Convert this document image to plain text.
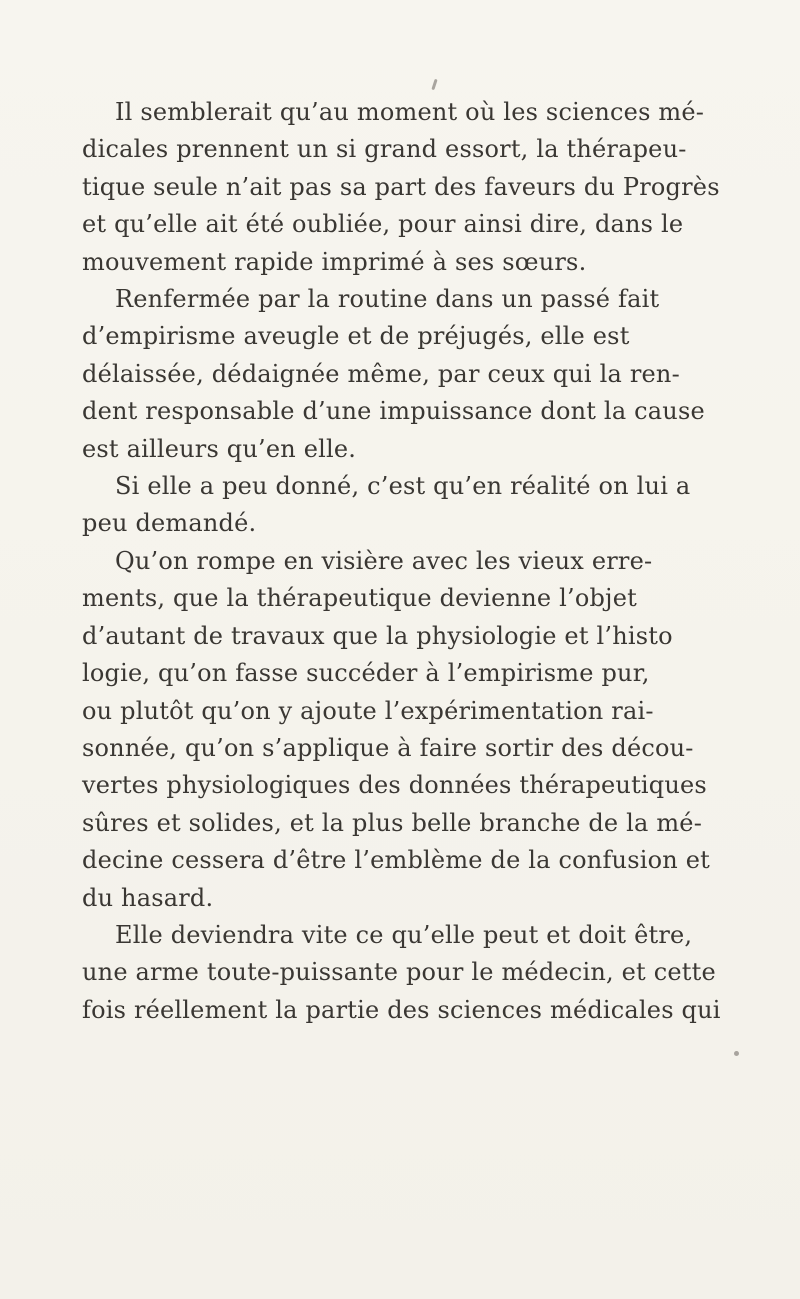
Il semblerait qu’au moment où les sciences mé-
dicales prennent un si grand essort, la thérapeu-
tique seule n’ait pas sa part des faveurs du Progrès
et qu’elle ait été oubliée, pour ainsi dire, dans le
mouvement rapide imprimé à ses sœurs.

Renfermée par la routine dans un passé fait
d’empirisme aveugle et de préjugés, elle est
délaissée, dédaignée même, par ceux qui la ren-
dent responsable d’une impuissance dont la cause
est ailleurs qu’en elle.

Si elle a peu donné, c’est qu’en réalité on lui a
peu demandé.

Qu’on rompe en visière avec les vieux erre-
ments, que la thérapeutique devienne l’objet
d’autant de travaux que la physiologie et l’histo
logie, qu’on fasse succéder à l’empirisme pur,
ou plutôt qu’on y ajoute l’expérimentation rai-
sonnée, qu’on s’applique à faire sortir des décou-
vertes physiologiques des données thérapeutiques
sûres et solides, et la plus belle branche de la mé-
decine cessera d’être l’emblème de la confusion et
du hasard.

Elle deviendra vite ce qu’elle peut et doit être,
une arme toute-puissante pour le médecin, et cette
fois réellement la partie des sciences médicales qui
